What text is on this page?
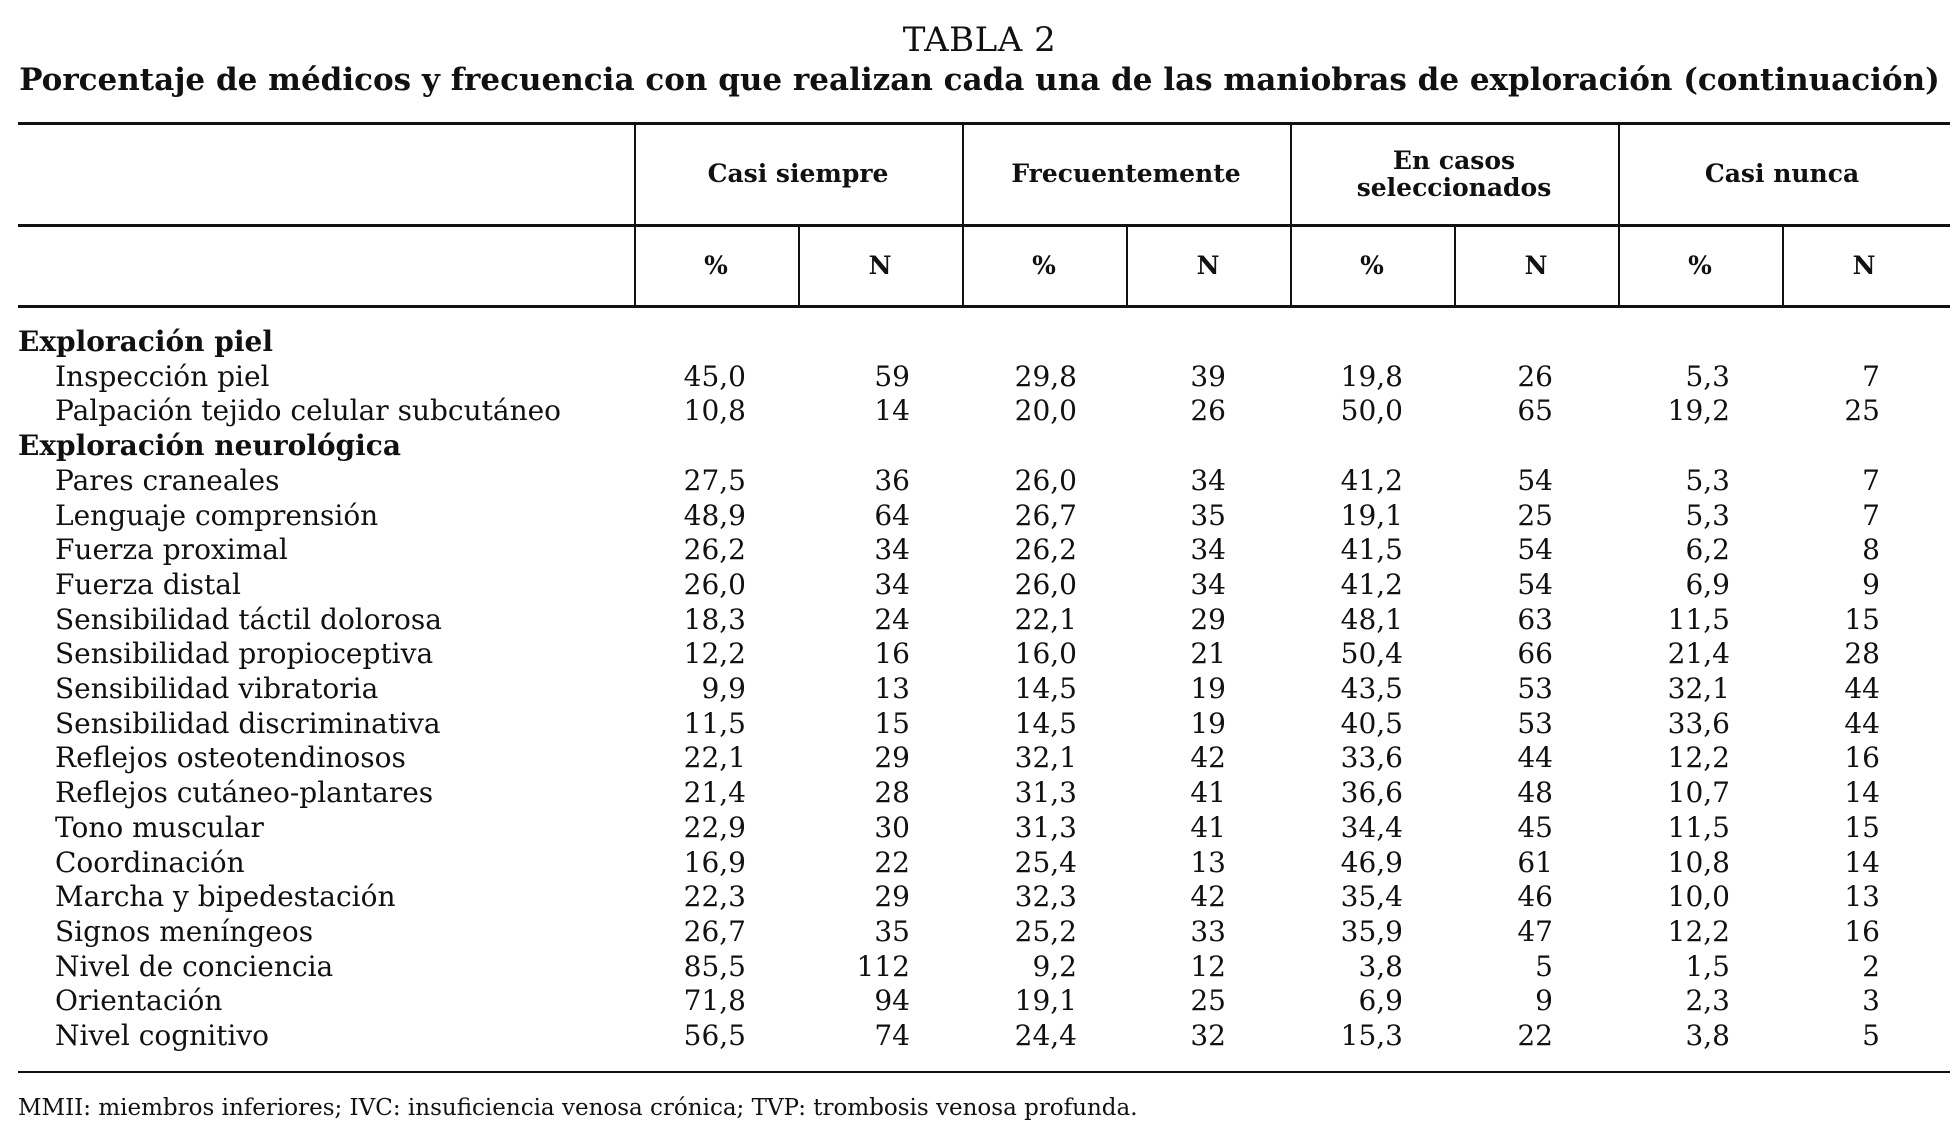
TABLA 2
Porcentaje de médicos y frecuencia con que realizan cada una de las maniobras de exploración (continuación)
Casi siempre	Frecuentemente	En casos seleccionados	Casi nunca
%	N	%	N	%	N	%	N
Exploración piel
Inspección piel	45,0	59	29,8	39	19,8	26	5,3	7
Palpación tejido celular subcutáneo	10,8	14	20,0	26	50,0	65	19,2	25
Exploración neurológica
Pares craneales	27,5	36	26,0	34	41,2	54	5,3	7
Lenguaje comprensión	48,9	64	26,7	35	19,1	25	5,3	7
Fuerza proximal	26,2	34	26,2	34	41,5	54	6,2	8
Fuerza distal	26,0	34	26,0	34	41,2	54	6,9	9
Sensibilidad táctil dolorosa	18,3	24	22,1	29	48,1	63	11,5	15
Sensibilidad propioceptiva	12,2	16	16,0	21	50,4	66	21,4	28
Sensibilidad vibratoria	9,9	13	14,5	19	43,5	53	32,1	44
Sensibilidad discriminativa	11,5	15	14,5	19	40,5	53	33,6	44
Reflejos osteotendinosos	22,1	29	32,1	42	33,6	44	12,2	16
Reflejos cutáneo-plantares	21,4	28	31,3	41	36,6	48	10,7	14
Tono muscular	22,9	30	31,3	41	34,4	45	11,5	15
Coordinación	16,9	22	25,4	13	46,9	61	10,8	14
Marcha y bipedestación	22,3	29	32,3	42	35,4	46	10,0	13
Signos meníngeos	26,7	35	25,2	33	35,9	47	12,2	16
Nivel de conciencia	85,5	112	9,2	12	3,8	5	1,5	2
Orientación	71,8	94	19,1	25	6,9	9	2,3	3
Nivel cognitivo	56,5	74	24,4	32	15,3	22	3,8	5
MMII: miembros inferiores; IVC: insuficiencia venosa crónica; TVP: trombosis venosa profunda.
